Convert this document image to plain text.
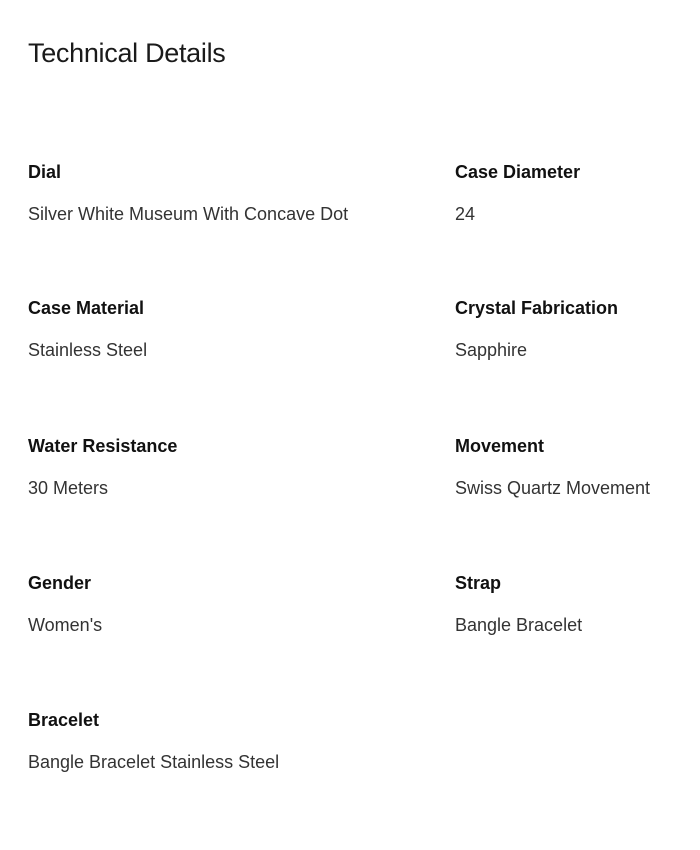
Technical Details
Dial
Silver White Museum With Concave Dot
Case Diameter
24
Case Material
Stainless Steel
Crystal Fabrication
Sapphire
Water Resistance
30 Meters
Movement
Swiss Quartz Movement
Gender
Women's
Strap
Bangle Bracelet
Bracelet
Bangle Bracelet Stainless Steel
